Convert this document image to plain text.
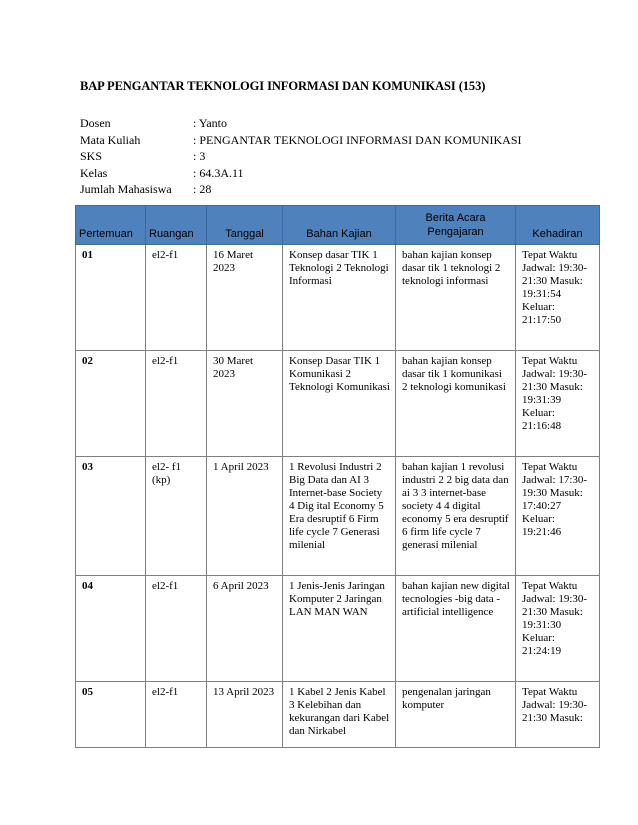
BAP PENGANTAR TEKNOLOGI INFORMASI DAN KOMUNIKASI (153)
Dosen	: Yanto
Mata Kuliah	: PENGANTAR TEKNOLOGI INFORMASI DAN KOMUNIKASI
SKS	: 3
Kelas	: 64.3A.11
Jumlah Mahasiswa	: 28
Pertemuan	Ruangan	Tanggal	Bahan Kajian	Berita Acara Pengajaran	Kehadiran
01	el2-f1	16 Maret 2023	Konsep dasar TIK 1 Teknologi 2 Teknologi Informasi	bahan kajian konsep dasar tik 1 teknologi 2 teknologi informasi	Tepat Waktu Jadwal: 19:30-21:30 Masuk: 19:31:54 Keluar: 21:17:50
02	el2-f1	30 Maret 2023	Konsep Dasar TIK 1 Komunikasi 2 Teknologi Komunikasi	bahan kajian konsep dasar tik 1 komunikasi 2 teknologi komunikasi	Tepat Waktu Jadwal: 19:30-21:30 Masuk: 19:31:39 Keluar: 21:16:48
03	el2- f1 (kp)	1 April 2023	1 Revolusi Industri 2 Big Data dan AI 3 Internet-base Society 4 Dig ital Economy 5 Era desruptif 6 Firm life cycle 7 Generasi milenial	bahan kajian 1 revolusi industri 2 2 big data dan ai 3 3 internet-base society 4 4 digital economy 5 era desruptif 6 firm life cycle 7 generasi milenial	Tepat Waktu Jadwal: 17:30-19:30 Masuk: 17:40:27 Keluar: 19:21:46
04	el2-f1	6 April 2023	1 Jenis-Jenis Jaringan Komputer 2 Jaringan LAN MAN WAN	bahan kajian new digital tecnologies -big data -artificial intelligence	Tepat Waktu Jadwal: 19:30-21:30 Masuk: 19:31:30 Keluar: 21:24:19
05	el2-f1	13 April 2023	1 Kabel 2 Jenis Kabel 3 Kelebihan dan kekurangan dari Kabel dan Nirkabel	pengenalan jaringan komputer	Tepat Waktu Jadwal: 19:30-21:30 Masuk:
